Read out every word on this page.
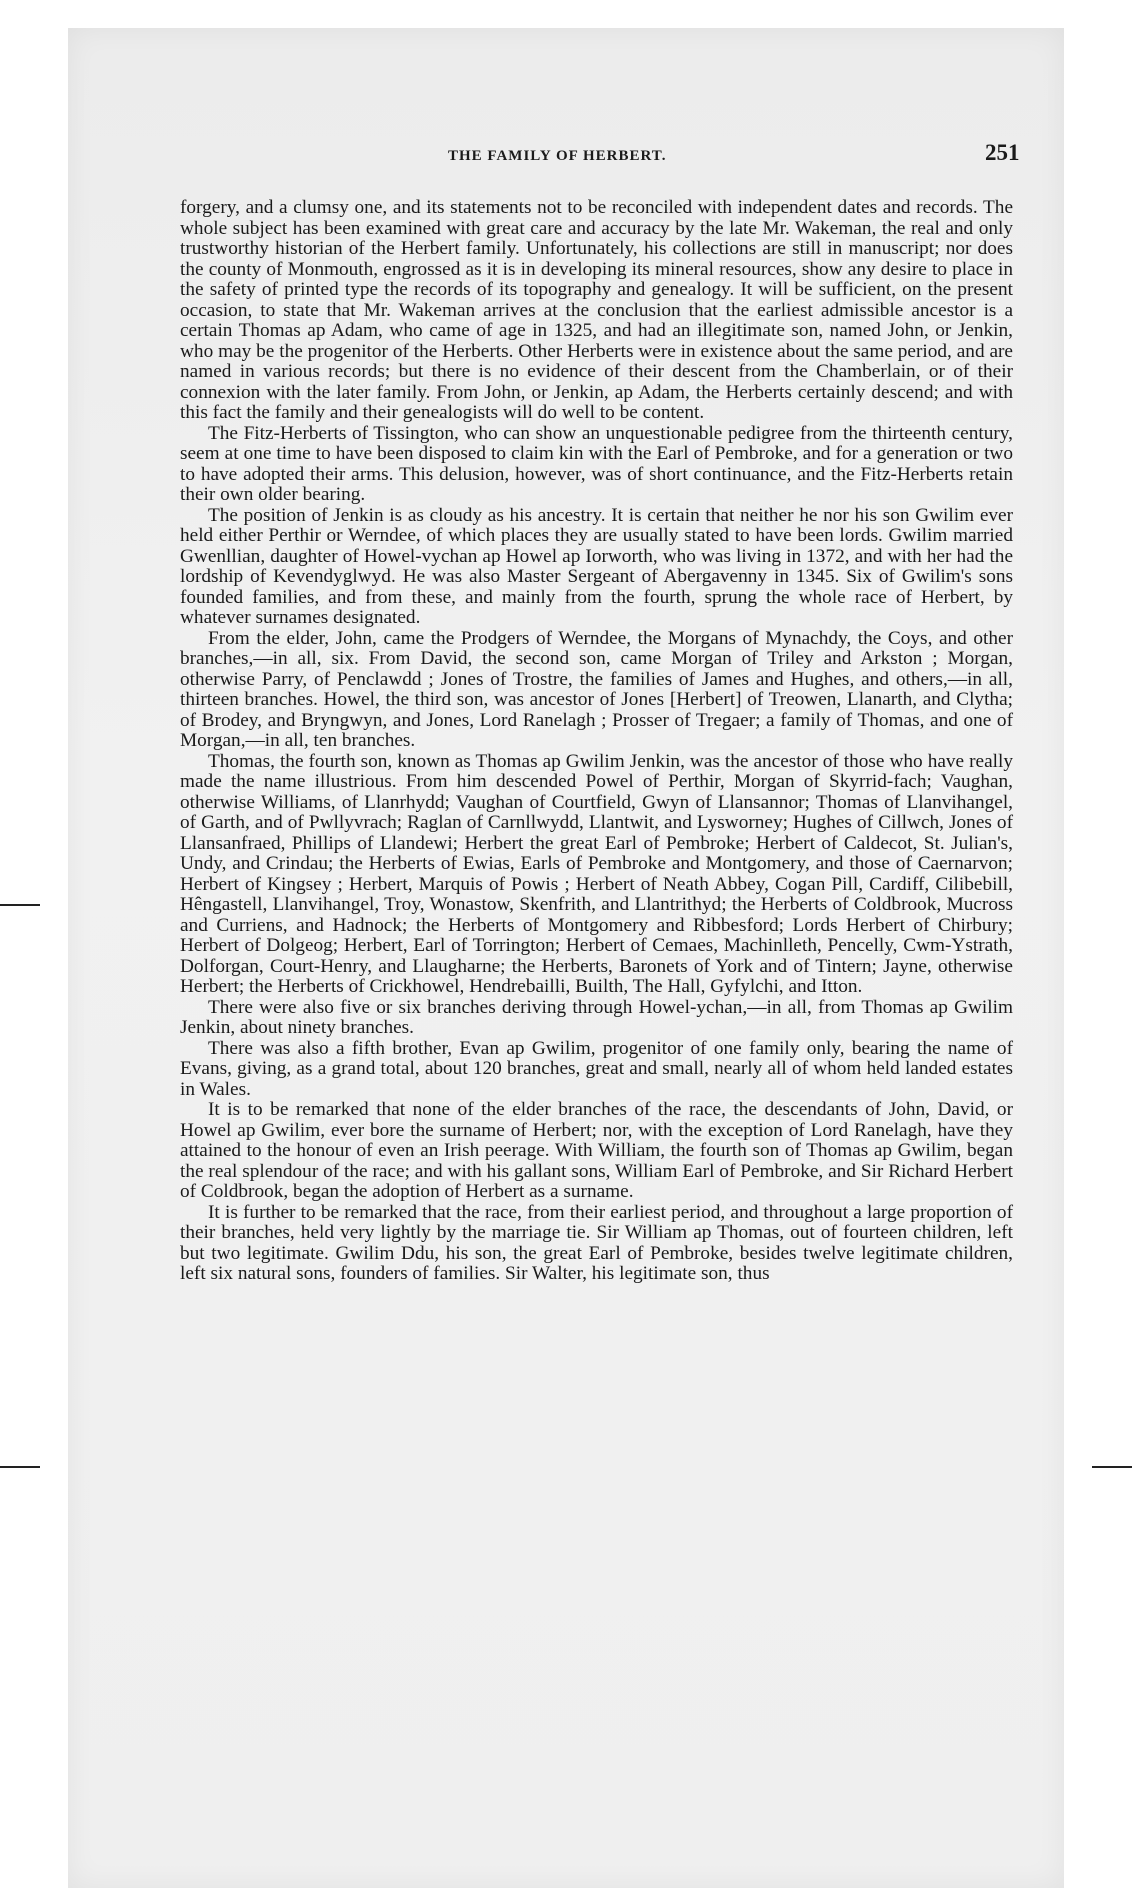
THE FAMILY OF HERBERT.	251

forgery, and a clumsy one, and its statements not to be reconciled with independent dates and records. The whole subject has been examined with great care and accuracy by the late Mr. Wakeman, the real and only trustworthy historian of the Herbert family. Unfortunately, his collections are still in manuscript; nor does the county of Monmouth, engrossed as it is in developing its mineral resources, show any desire to place in the safety of printed type the records of its topography and genealogy. It will be sufficient, on the present occasion, to state that Mr. Wakeman arrives at the conclusion that the earliest admissible ancestor is a certain Thomas ap Adam, who came of age in 1325, and had an illegitimate son, named John, or Jenkin, who may be the progenitor of the Herberts. Other Herberts were in existence about the same period, and are named in various records; but there is no evidence of their descent from the Chamberlain, or of their connexion with the later family. From John, or Jenkin, ap Adam, the Herberts certainly descend; and with this fact the family and their genealogists will do well to be content.

The Fitz-Herberts of Tissington, who can show an unquestionable pedigree from the thirteenth century, seem at one time to have been disposed to claim kin with the Earl of Pembroke, and for a generation or two to have adopted their arms. This delusion, however, was of short continuance, and the Fitz-Herberts retain their own older bearing.

The position of Jenkin is as cloudy as his ancestry. It is certain that neither he nor his son Gwilim ever held either Perthir or Werndee, of which places they are usually stated to have been lords. Gwilim married Gwenllian, daughter of Howel-vychan ap Howel ap Iorworth, who was living in 1372, and with her had the lordship of Kevendyglwyd. He was also Master Sergeant of Abergavenny in 1345. Six of Gwilim's sons founded families, and from these, and mainly from the fourth, sprung the whole race of Herbert, by whatever surnames designated.

From the elder, John, came the Prodgers of Werndee, the Morgans of Mynachdy, the Coys, and other branches,—in all, six. From David, the second son, came Morgan of Triley and Arkston ; Morgan, otherwise Parry, of Penclawdd ; Jones of Trostre, the families of James and Hughes, and others,—in all, thirteen branches. Howel, the third son, was ancestor of Jones [Herbert] of Treowen, Llanarth, and Clytha; of Brodey, and Bryngwyn, and Jones, Lord Ranelagh ; Prosser of Tregaer; a family of Thomas, and one of Morgan,—in all, ten branches.

Thomas, the fourth son, known as Thomas ap Gwilim Jenkin, was the ancestor of those who have really made the name illustrious. From him descended Powel of Perthir, Morgan of Skyrrid-fach; Vaughan, otherwise Williams, of Llanrhydd; Vaughan of Courtfield, Gwyn of Llansannor; Thomas of Llanvihangel, of Garth, and of Pwllyvrach; Raglan of Carnllwydd, Llantwit, and Lysworney; Hughes of Cillwch, Jones of Llansanfraed, Phillips of Llandewi; Herbert the great Earl of Pembroke; Herbert of Caldecot, St. Julian's, Undy, and Crindau; the Herberts of Ewias, Earls of Pembroke and Montgomery, and those of Caernarvon; Herbert of Kingsey ; Herbert, Marquis of Powis ; Herbert of Neath Abbey, Cogan Pill, Cardiff, Cilibebill, Hêngastell, Llanvihangel, Troy, Wonastow, Skenfrith, and Llantrithyd; the Herberts of Coldbrook, Mucross and Curriens, and Hadnock; the Herberts of Montgomery and Ribbesford; Lords Herbert of Chirbury; Herbert of Dolgeog; Herbert, Earl of Torrington; Herbert of Cemaes, Machinlleth, Pencelly, Cwm-Ystrath, Dolforgan, Court-Henry, and Llaugharne; the Herberts, Baronets of York and of Tintern; Jayne, otherwise Herbert; the Herberts of Crickhowel, Hendrebailli, Builth, The Hall, Gyfylchi, and Itton.

There were also five or six branches deriving through Howel-ychan,—in all, from Thomas ap Gwilim Jenkin, about ninety branches.

There was also a fifth brother, Evan ap Gwilim, progenitor of one family only, bearing the name of Evans, giving, as a grand total, about 120 branches, great and small, nearly all of whom held landed estates in Wales.

It is to be remarked that none of the elder branches of the race, the descendants of John, David, or Howel ap Gwilim, ever bore the surname of Herbert; nor, with the exception of Lord Ranelagh, have they attained to the honour of even an Irish peerage. With William, the fourth son of Thomas ap Gwilim, began the real splendour of the race; and with his gallant sons, William Earl of Pembroke, and Sir Richard Herbert of Coldbrook, began the adoption of Herbert as a surname.

It is further to be remarked that the race, from their earliest period, and throughout a large proportion of their branches, held very lightly by the marriage tie. Sir William ap Thomas, out of fourteen children, left but two legitimate. Gwilim Ddu, his son, the great Earl of Pembroke, besides twelve legitimate children, left six natural sons, founders of families. Sir Walter, his legitimate son, thus
